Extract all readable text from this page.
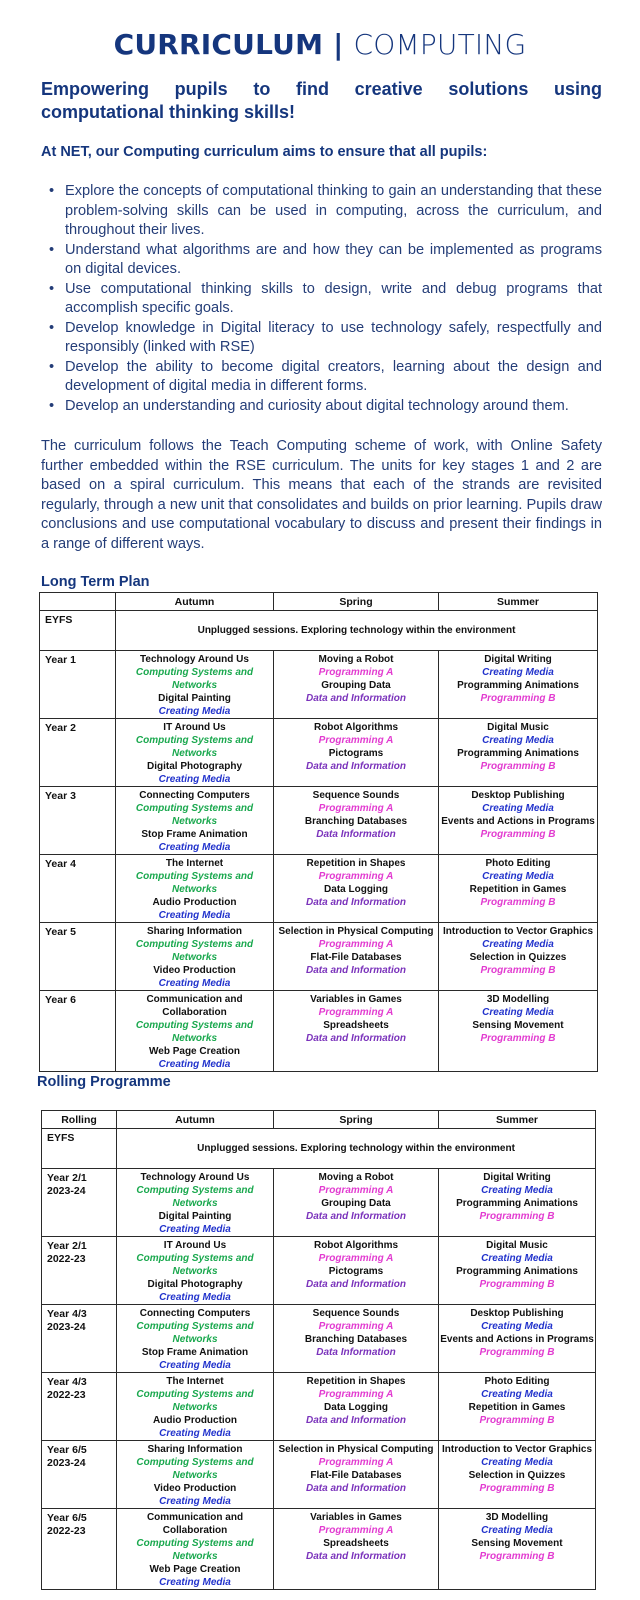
CURRICULUM | COMPUTING

Empowering pupils to find creative solutions using computational thinking skills!

At NET, our Computing curriculum aims to ensure that all pupils:

• Explore the concepts of computational thinking to gain an understanding that these problem-solving skills can be used in computing, across the curriculum, and throughout their lives.
• Understand what algorithms are and how they can be implemented as programs on digital devices.
• Use computational thinking skills to design, write and debug programs that accomplish specific goals.
• Develop knowledge in Digital literacy to use technology safely, respectfully and responsibly (linked with RSE)
• Develop the ability to become digital creators, learning about the design and development of digital media in different forms.
• Develop an understanding and curiosity about digital technology around them.

The curriculum follows the Teach Computing scheme of work, with Online Safety further embedded within the RSE curriculum. The units for key stages 1 and 2 are based on a spiral curriculum. This means that each of the strands are revisited regularly, through a new unit that consolidates and builds on prior learning. Pupils draw conclusions and use computational vocabulary to discuss and present their findings in a range of different ways.

Long Term Plan
	Autumn	Spring	Summer
EYFS	Unplugged sessions. Exploring technology within the environment		

Year 1	Technology Around Us
Computing Systems and Networks
Digital Painting
Creating Media	Moving a Robot
Programming A
Grouping Data
Data and Information	Digital Writing
Creating Media
Programming Animations
Programming B

Year 2	IT Around Us
Computing Systems and Networks
Digital Photography
Creating Media	Robot Algorithms
Programming A
Pictograms
Data and Information	Digital Music
Creating Media
Programming Animations
Programming B

Year 3	Connecting Computers
Computing Systems and Networks
Stop Frame Animation
Creating Media	Sequence Sounds
Programming A
Branching Databases
Data Information	Desktop Publishing
Creating Media
Events and Actions in Programs
Programming B

Year 4	The Internet
Computing Systems and Networks
Audio Production
Creating Media	Repetition in Shapes
Programming A
Data Logging
Data and Information	Photo Editing
Creating Media
Repetition in Games
Programming B

Year 5	Sharing Information
Computing Systems and Networks
Video Production
Creating Media	Selection in Physical Computing
Programming A
Flat-File Databases
Data and Information	Introduction to Vector Graphics
Creating Media
Selection in Quizzes
Programming B

Year 6	Communication and Collaboration
Computing Systems and Networks
Web Page Creation
Creating Media	Variables in Games
Programming A
Spreadsheets
Data and Information	3D Modelling
Creating Media
Sensing Movement
Programming B
Rolling Programme
Rolling	Autumn	Spring	Summer
EYFS	Unplugged sessions. Exploring technology within the environment		

Year 2/1
2023-24	Technology Around Us
Computing Systems and Networks
Digital Painting
Creating Media	Moving a Robot
Programming A
Grouping Data
Data and Information	Digital Writing
Creating Media
Programming Animations
Programming B

Year 2/1
2022-23	IT Around Us
Computing Systems and Networks
Digital Photography
Creating Media	Robot Algorithms
Programming A
Pictograms
Data and Information	Digital Music
Creating Media
Programming Animations
Programming B

Year 4/3
2023-24	Connecting Computers
Computing Systems and Networks
Stop Frame Animation
Creating Media	Sequence Sounds
Programming A
Branching Databases
Data Information	Desktop Publishing
Creating Media
Events and Actions in Programs
Programming B

Year 4/3
2022-23	The Internet
Computing Systems and Networks
Audio Production
Creating Media	Repetition in Shapes
Programming A
Data Logging
Data and Information	Photo Editing
Creating Media
Repetition in Games
Programming B

Year 6/5
2023-24	Sharing Information
Computing Systems and Networks
Video Production
Creating Media	Selection in Physical Computing
Programming A
Flat-File Databases
Data and Information	Introduction to Vector Graphics
Creating Media
Selection in Quizzes
Programming B

Year 6/5
2022-23	Communication and Collaboration
Computing Systems and Networks
Web Page Creation
Creating Media	Variables in Games
Programming A
Spreadsheets
Data and Information	3D Modelling
Creating Media
Sensing Movement
Programming B
